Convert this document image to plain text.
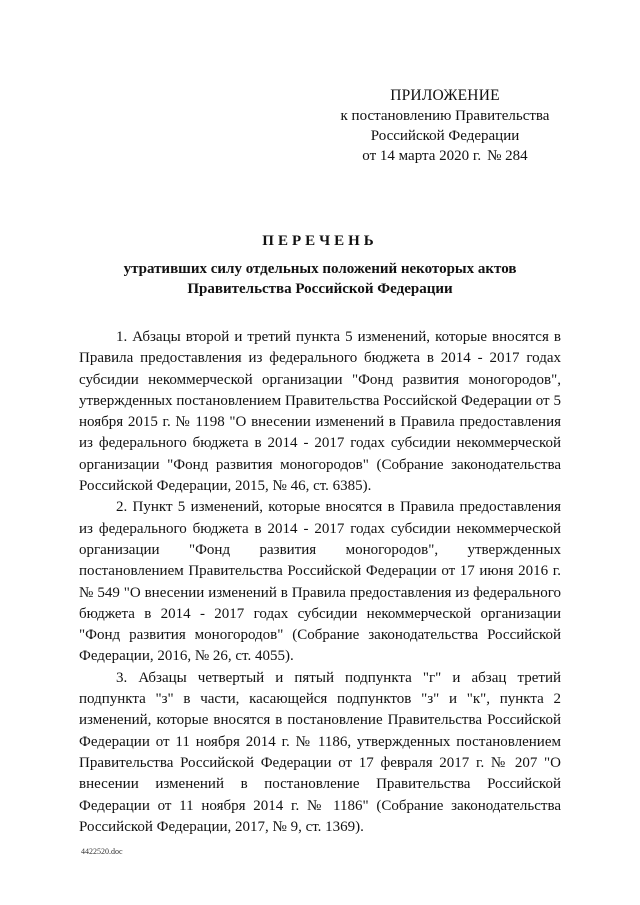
ПРИЛОЖЕНИЕ
к постановлению Правительства
Российской Федерации
от 14 марта 2020 г. № 284
ПЕРЕЧЕНЬ
утративших силу отдельных положений некоторых актов
Правительства Российской Федерации

1. Абзацы второй и третий пункта 5 изменений, которые вносятся в Правила предоставления из федерального бюджета в 2014 - 2017 годах субсидии некоммерческой организации "Фонд развития моногородов", утвержденных постановлением Правительства Российской Федерации от 5 ноября 2015 г. № 1198 "О внесении изменений в Правила предоставления из федерального бюджета в 2014 - 2017 годах субсидии некоммерческой организации "Фонд развития моногородов" (Собрание законодательства Российской Федерации, 2015, № 46, ст. 6385).

2. Пункт 5 изменений, которые вносятся в Правила предоставления из федерального бюджета в 2014 - 2017 годах субсидии некоммерческой организации "Фонд развития моногородов", утвержденных постановлением Правительства Российской Федерации от 17 июня 2016 г. № 549 "О внесении изменений в Правила предоставления из федерального бюджета в 2014 - 2017 годах субсидии некоммерческой организации "Фонд развития моногородов" (Собрание законодательства Российской Федерации, 2016, № 26, ст. 4055).

3. Абзацы четвертый и пятый подпункта "г" и абзац третий подпункта "з" в части, касающейся подпунктов "з" и "к", пункта 2 изменений, которые вносятся в постановление Правительства Российской Федерации от 11 ноября 2014 г. № 1186, утвержденных постановлением Правительства Российской Федерации от 17 февраля 2017 г. № 207 "О внесении изменений в постановление Правительства Российской Федерации от 11 ноября 2014 г. № 1186" (Собрание законодательства Российской Федерации, 2017, № 9, ст. 1369).

4422520.doc
